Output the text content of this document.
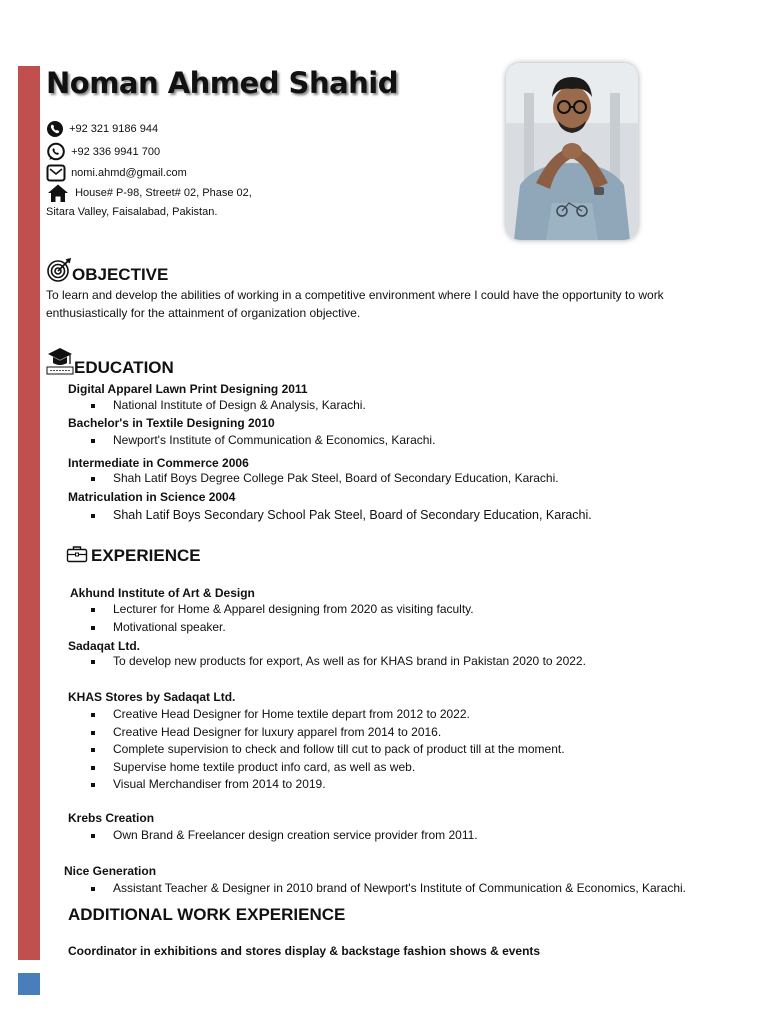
Noman Ahmed Shahid
+92 321 9186 944
+92 336 9941 700
nomi.ahmd@gmail.com
House# P-98, Street# 02, Phase 02,
Sitara Valley, Faisalabad, Pakistan.
OBJECTIVE
To learn and develop the abilities of working in a competitive environment where I could have the opportunity to work
enthusiastically for the attainment of organization objective.
EDUCATION
Digital Apparel Lawn Print Designing 2011
National Institute of Design & Analysis, Karachi.
Bachelor's in Textile Designing 2010
Newport's Institute of Communication & Economics, Karachi.
Intermediate in Commerce 2006
Shah Latif Boys Degree College Pak Steel, Board of Secondary Education, Karachi.
Matriculation in Science 2004
Shah Latif Boys Secondary School Pak Steel, Board of Secondary Education, Karachi.
EXPERIENCE
Akhund Institute of Art & Design
Lecturer for Home & Apparel designing from 2020 as visiting faculty.
Motivational speaker.
Sadaqat Ltd.
To develop new products for export, As well as for KHAS brand in Pakistan 2020 to 2022.
KHAS Stores by Sadaqat Ltd.
Creative Head Designer for Home textile depart from 2012 to 2022.
Creative Head Designer for luxury apparel from 2014 to 2016.
Complete supervision to check and follow till cut to pack of product till at the moment.
Supervise home textile product info card, as well as web.
Visual Merchandiser from 2014 to 2019.
Krebs Creation
Own Brand & Freelancer design creation service provider from 2011.
Nice Generation
Assistant Teacher & Designer in 2010 brand of Newport's Institute of Communication & Economics, Karachi.
ADDITIONAL WORK EXPERIENCE
Coordinator in exhibitions and stores display & backstage fashion shows & events
